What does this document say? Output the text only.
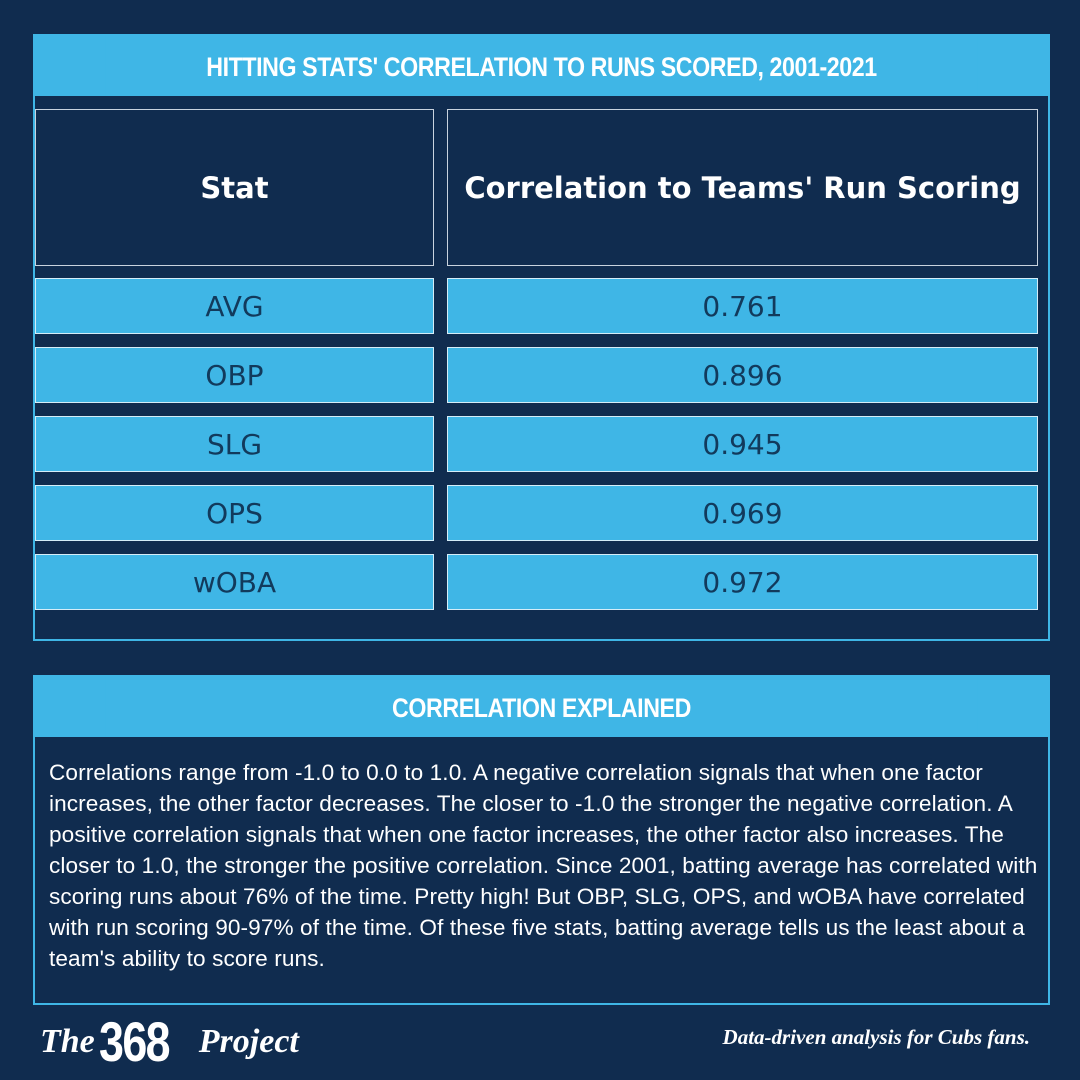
HITTING STATS' CORRELATION TO RUNS SCORED, 2001-2021
Stat	Correlation to Teams' Run Scoring
AVG	0.761
OBP	0.896
SLG	0.945
OPS	0.969
wOBA	0.972
CORRELATION EXPLAINED
Correlations range from -1.0 to 0.0 to 1.0. A negative correlation signals that when one factor increases, the other factor decreases. The closer to -1.0 the stronger the negative correlation. A positive correlation signals that when one factor increases, the other factor also increases. The closer to 1.0, the stronger the positive correlation. Since 2001, batting average has correlated with scoring runs about 76% of the time. Pretty high! But OBP, SLG, OPS, and wOBA have correlated with run scoring 90-97% of the time. Of these five stats, batting average tells us the least about a team's ability to score runs.
The 368 Project	Data-driven analysis for Cubs fans.
